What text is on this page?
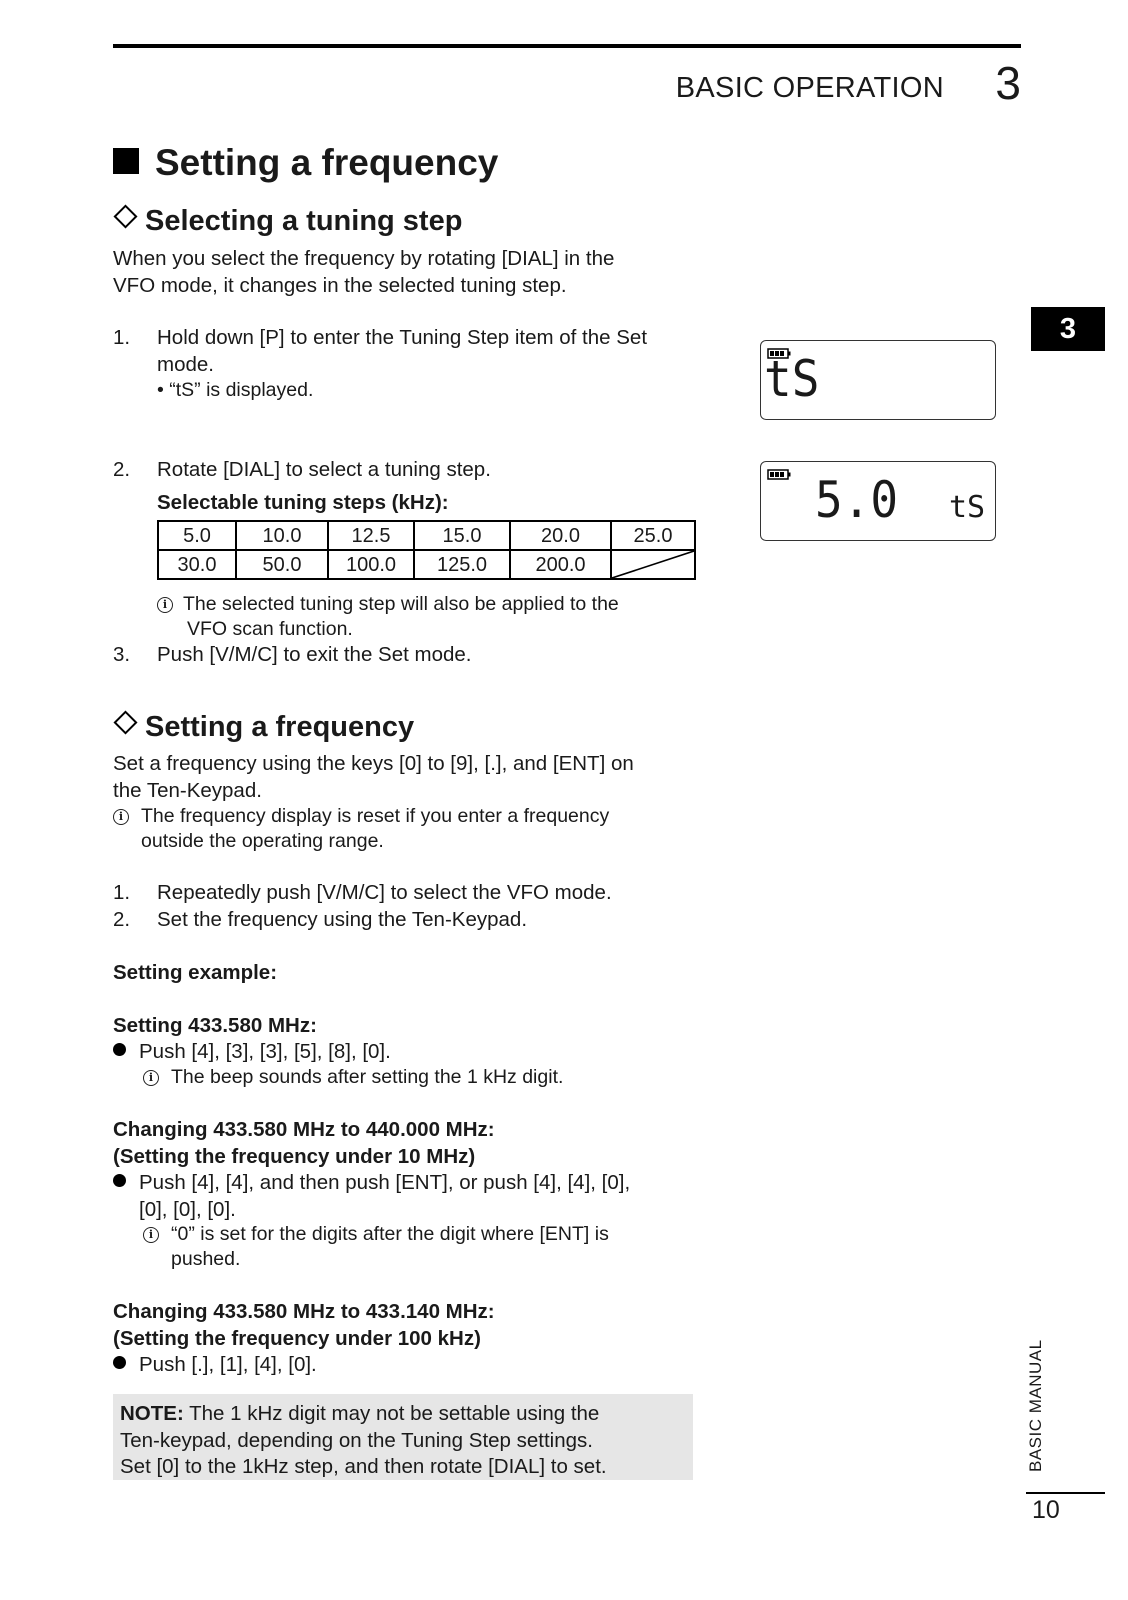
BASIC OPERATION 3
Setting a frequency
Selecting a tuning step
When you select the frequency by rotating [DIAL] in the
VFO mode, it changes in the selected tuning step.
1. Hold down [P] to enter the Tuning Step item of the Set
mode.
• “tS” is displayed.
2. Rotate [DIAL] to select a tuning step.
Selectable tuning steps (kHz):
5.0	10.0	12.5	15.0	20.0	25.0
30.0	50.0	100.0	125.0	200.0	
i The selected tuning step will also be applied to the
VFO scan function.
3. Push [V/M/C] to exit the Set mode.
tS
5.0 tS
Setting a frequency
Set a frequency using the keys [0] to [9], [.], and [ENT] on
the Ten-Keypad.
i The frequency display is reset if you enter a frequency
outside the operating range.
1. Repeatedly push [V/M/C] to select the VFO mode.
2. Set the frequency using the Ten-Keypad.
Setting example:
Setting 433.580 MHz:
Push [4], [3], [3], [5], [8], [0].
i The beep sounds after setting the 1 kHz digit.
Changing 433.580 MHz to 440.000 MHz:
(Setting the frequency under 10 MHz)
Push [4], [4], and then push [ENT], or push [4], [4], [0],
[0], [0], [0].
i “0” is set for the digits after the digit where [ENT] is
pushed.
Changing 433.580 MHz to 433.140 MHz:
(Setting the frequency under 100 kHz)
Push [.], [1], [4], [0].
NOTE: The 1 kHz digit may not be settable using the
Ten-keypad, depending on the Tuning Step settings.
Set [0] to the 1kHz step, and then rotate [DIAL] to set.
3
BASIC MANUAL
10
